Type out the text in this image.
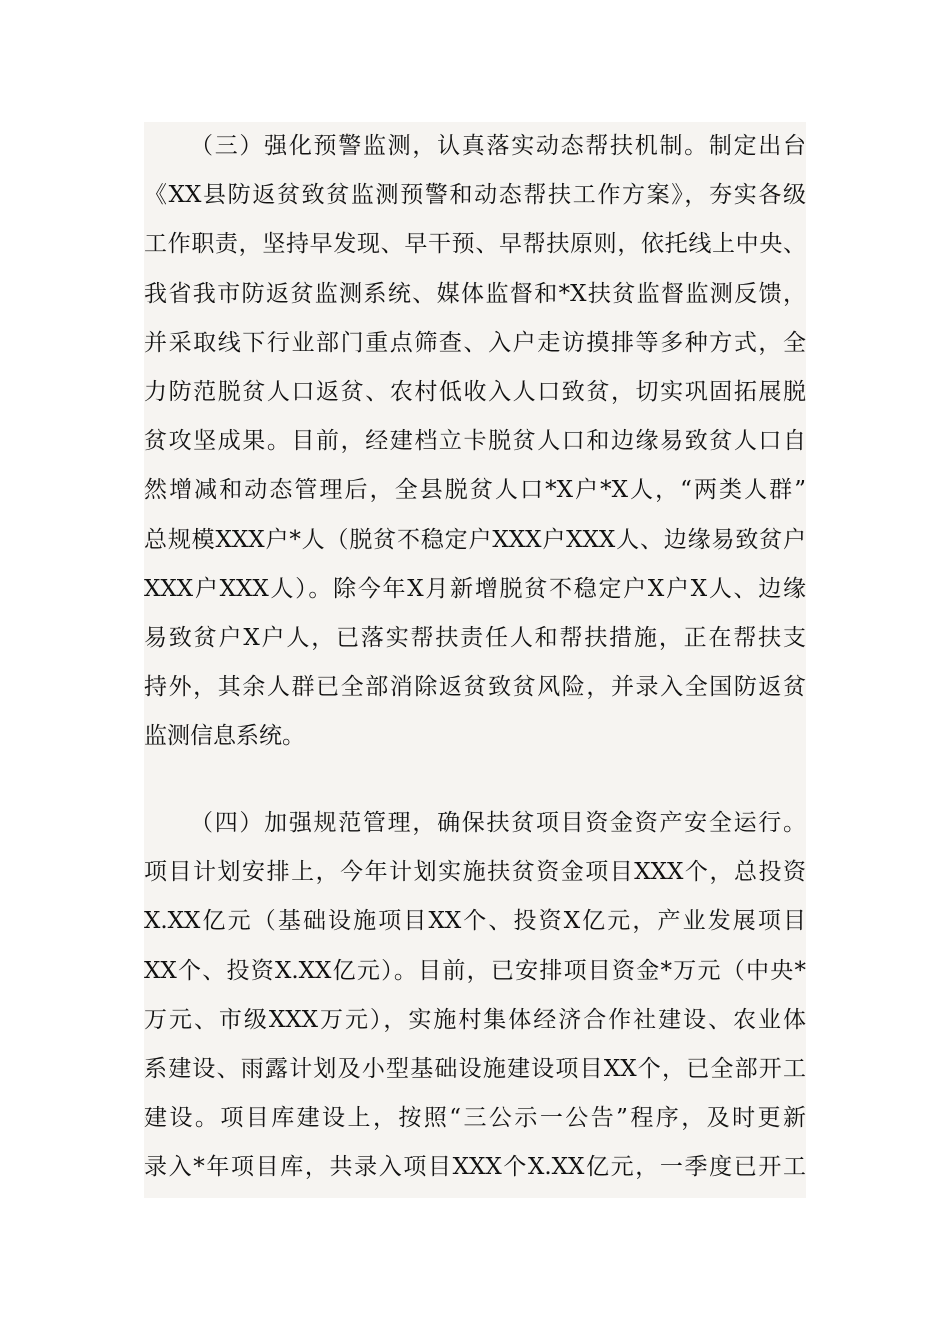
（三）强化预警监测，认真落实动态帮扶机制。制定出台
《XX县防返贫致贫监测预警和动态帮扶工作方案》，夯实各级
工作职责，坚持早发现、早干预、早帮扶原则，依托线上中央、
我省我市防返贫监测系统、媒体监督和*X扶贫监督监测反馈，
并采取线下行业部门重点筛查、入户走访摸排等多种方式，全
力防范脱贫人口返贫、农村低收入人口致贫，切实巩固拓展脱
贫攻坚成果。目前，经建档立卡脱贫人口和边缘易致贫人口自
然增减和动态管理后，全县脱贫人口*X户*X人，“两类人群”
总规模XXX户*人（脱贫不稳定户XXX户XXX人、边缘易致贫户
XXX户XXX人）。除今年X月新增脱贫不稳定户X户X人、边缘
易致贫户X户人，已落实帮扶责任人和帮扶措施，正在帮扶支
持外，其余人群已全部消除返贫致贫风险，并录入全国防返贫
监测信息系统。
（四）加强规范管理，确保扶贫项目资金资产安全运行。
项目计划安排上，今年计划实施扶贫资金项目XXX个，总投资
X.XX亿元（基础设施项目XX个、投资X亿元，产业发展项目
XX个、投资X.XX亿元）。目前，已安排项目资金*万元（中央*
万元、市级XXX万元），实施村集体经济合作社建设、农业体
系建设、雨露计划及小型基础设施建设项目XX个，已全部开工
建设。项目库建设上，按照“三公示一公告”程序，及时更新
录入*年项目库，共录入项目XXX个X.XX亿元，一季度已开工
